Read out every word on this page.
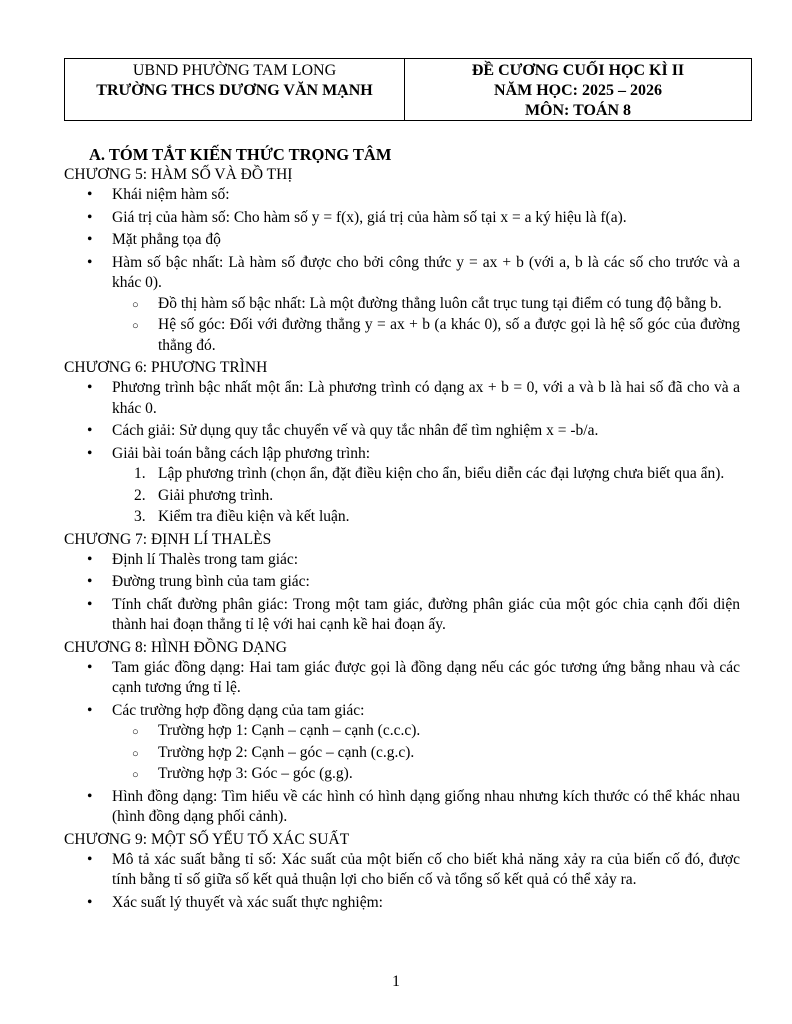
UBND PHƯỜNG TAM LONG
TRƯỜNG THCS DƯƠNG VĂN MẠNH
ĐỀ CƯƠNG CUỐI HỌC KÌ II
NĂM HỌC: 2025 – 2026
MÔN: TOÁN 8
A. TÓM TẮT KIẾN THỨC TRỌNG TÂM
CHƯƠNG 5: HÀM SỐ VÀ ĐỒ THỊ
• Khái niệm hàm số:
• Giá trị của hàm số: Cho hàm số y = f(x), giá trị của hàm số tại x = a ký hiệu là f(a).
• Mặt phẳng tọa độ
• Hàm số bậc nhất: Là hàm số được cho bởi công thức y = ax + b (với a, b là các số cho trước và a khác 0).
○ Đồ thị hàm số bậc nhất: Là một đường thẳng luôn cắt trục tung tại điểm có tung độ bằng b.
○ Hệ số góc: Đối với đường thẳng y = ax + b (a khác 0), số a được gọi là hệ số góc của đường thẳng đó.
CHƯƠNG 6: PHƯƠNG TRÌNH
• Phương trình bậc nhất một ẩn: Là phương trình có dạng ax + b = 0, với a và b là hai số đã cho và a khác 0.
• Cách giải: Sử dụng quy tắc chuyển vế và quy tắc nhân để tìm nghiệm x = -b/a.
• Giải bài toán bằng cách lập phương trình:
1. Lập phương trình (chọn ẩn, đặt điều kiện cho ẩn, biểu diễn các đại lượng chưa biết qua ẩn).
2. Giải phương trình.
3. Kiểm tra điều kiện và kết luận.
CHƯƠNG 7: ĐỊNH LÍ THALÈS
• Định lí Thalès trong tam giác:
• Đường trung bình của tam giác:
• Tính chất đường phân giác: Trong một tam giác, đường phân giác của một góc chia cạnh đối diện thành hai đoạn thẳng tỉ lệ với hai cạnh kề hai đoạn ấy.
CHƯƠNG 8: HÌNH ĐỒNG DẠNG
• Tam giác đồng dạng: Hai tam giác được gọi là đồng dạng nếu các góc tương ứng bằng nhau và các cạnh tương ứng tỉ lệ.
• Các trường hợp đồng dạng của tam giác:
○ Trường hợp 1: Cạnh – cạnh – cạnh (c.c.c).
○ Trường hợp 2: Cạnh – góc – cạnh (c.g.c).
○ Trường hợp 3: Góc – góc (g.g).
• Hình đồng dạng: Tìm hiểu về các hình có hình dạng giống nhau nhưng kích thước có thể khác nhau (hình đồng dạng phối cảnh).
CHƯƠNG 9: MỘT SỐ YẾU TỐ XÁC SUẤT
• Mô tả xác suất bằng tỉ số: Xác suất của một biến cố cho biết khả năng xảy ra của biến cố đó, được tính bằng tỉ số giữa số kết quả thuận lợi cho biến cố và tổng số kết quả có thể xảy ra.
• Xác suất lý thuyết và xác suất thực nghiệm:
1
